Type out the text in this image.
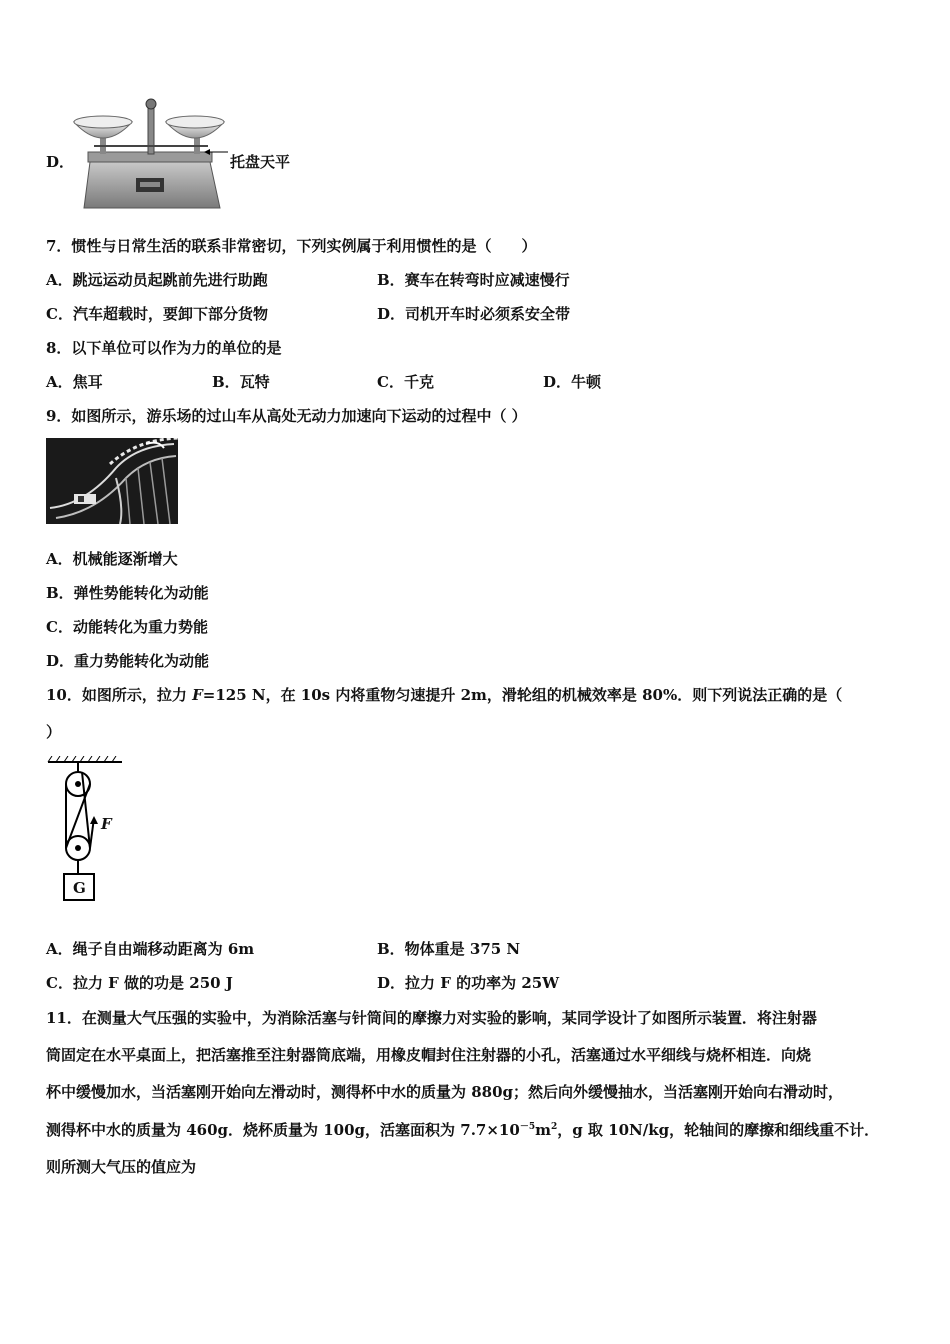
D．	托盘天平
7．惯性与日常生活的联系非常密切，下列实例属于利用惯性的是（　　）
A．跳远运动员起跳前先进行助跑	B．赛车在转弯时应减速慢行
C．汽车超载时，要卸下部分货物	D．司机开车时必须系安全带
8．以下单位可以作为力的单位的是
A．焦耳	B．瓦特	C．千克	D．牛顿
9．如图所示，游乐场的过山车从高处无动力加速向下运动的过程中（ ）
A．机械能逐渐增大
B．弹性势能转化为动能
C．动能转化为重力势能
D．重力势能转化为动能
10．如图所示，拉力 F=125 N，在 10s 内将重物匀速提升 2m，滑轮组的机械效率是 80%．则下列说法正确的是（
）
F
G
A．绳子自由端移动距离为 6m	B．物体重是 375 N
C．拉力 F 做的功是 250 J	D．拉力 F 的功率为 25W
11．在测量大气压强的实验中，为消除活塞与针筒间的摩擦力对实验的影响，某同学设计了如图所示装置．将注射器
筒固定在水平桌面上，把活塞推至注射器筒底端，用橡皮帽封住注射器的小孔，活塞通过水平细线与烧杯相连．向烧
杯中缓慢加水，当活塞刚开始向左滑动时，测得杯中水的质量为 880g；然后向外缓慢抽水，当活塞刚开始向右滑动时，
测得杯中水的质量为 460g．烧杯质量为 100g，活塞面积为 $7.7\times 10^{-5}m^2$，g 取 10N/kg，轮轴间的摩擦和细线重不计．
则所测大气压的值应为
